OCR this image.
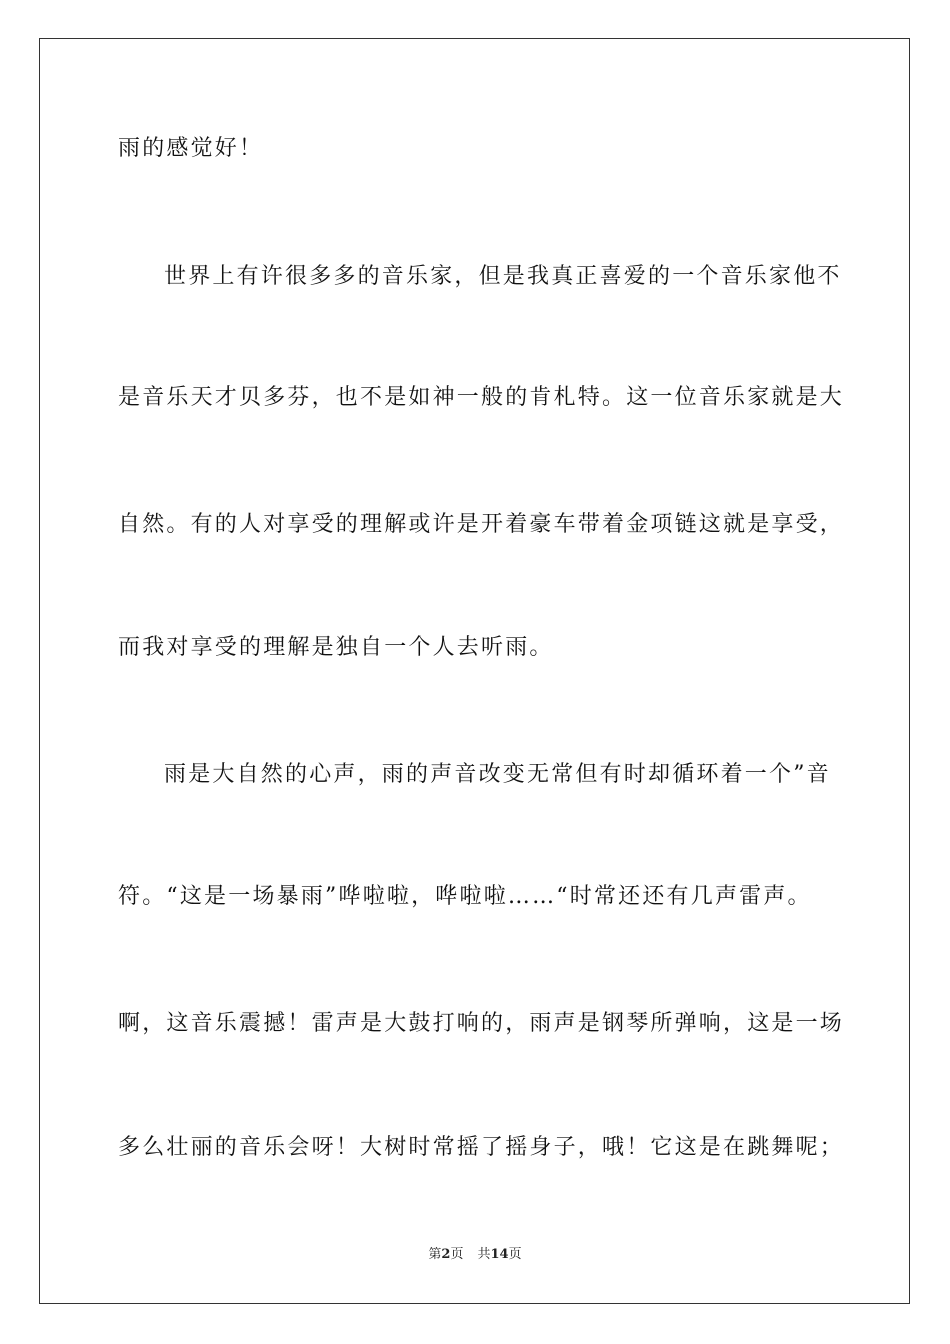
雨的感觉好！
世界上有许很多多的音乐家，但是我真正喜爱的一个音乐家他不
是音乐天才贝多芬，也不是如神一般的肯札特。这一位音乐家就是大
自然。有的人对享受的理解或许是开着豪车带着金项链这就是享受，
而我对享受的理解是独自一个人去听雨。
雨是大自然的心声，雨的声音改变无常但有时却循环着一个”音
符。“这是一场暴雨”哗啦啦，哗啦啦……“时常还还有几声雷声。
啊，这音乐震撼！雷声是大鼓打响的，雨声是钢琴所弹响，这是一场
多么壮丽的音乐会呀！大树时常摇了摇身子，哦！它这是在跳舞呢；
第2页 共14页
